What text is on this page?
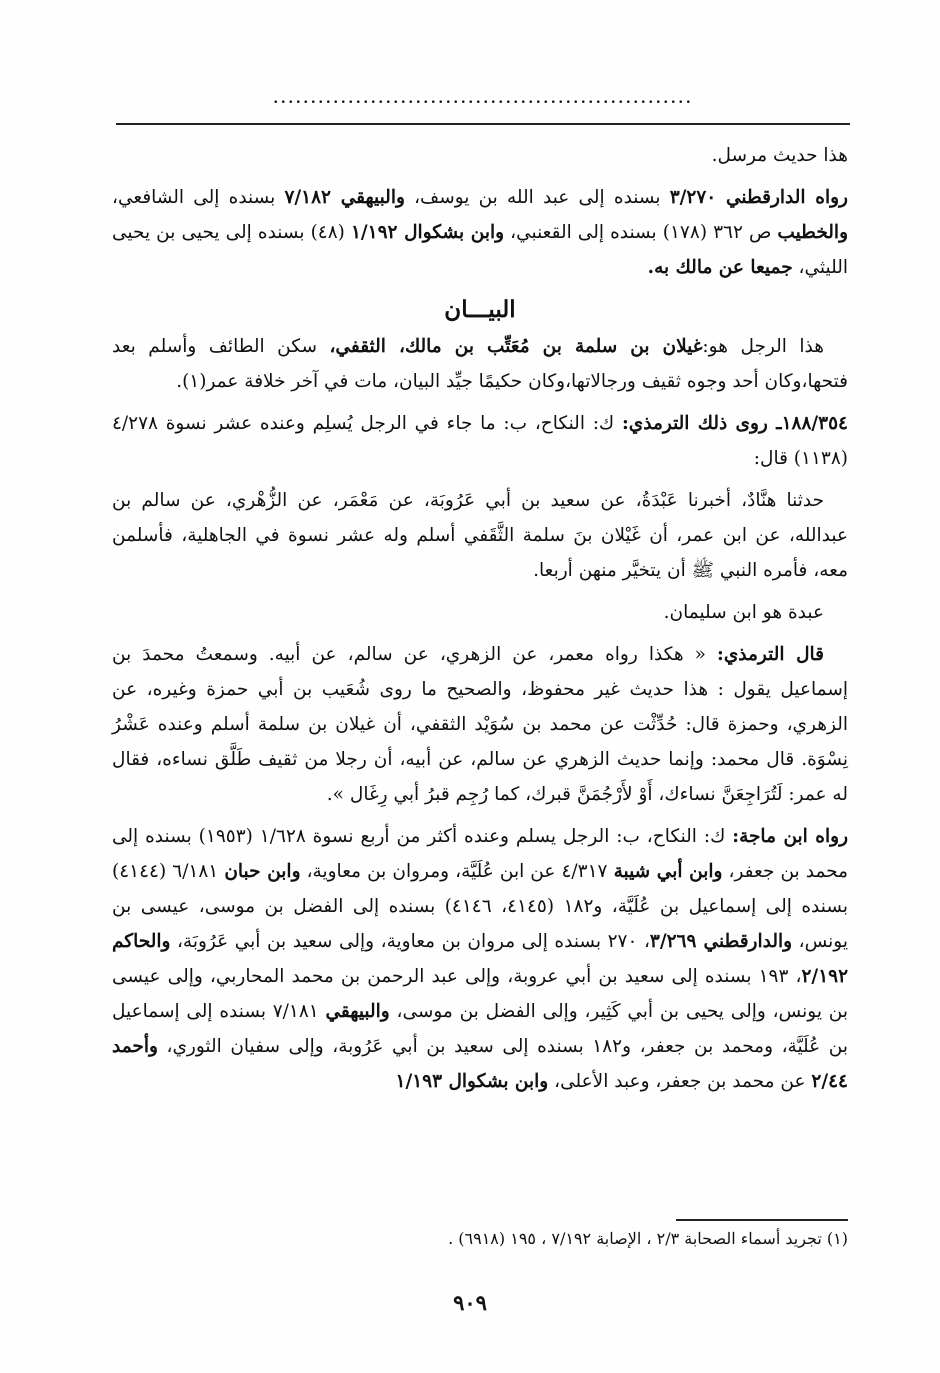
........................................................

هذا حديث مرسل.

رواه الدارقطني ٣/٢٧٠ بسنده إلى عبد الله بن يوسف، والبيهقي ٧/١٨٢ بسنده إلى الشافعي، والخطيب ص ٣٦٢ (١٧٨) بسنده إلى القعنبي، وابن بشكوال ١/١٩٢ (٤٨) بسنده إلى يحيى بن يحيى الليثي، جميعا عن مالك به.

البيـــان

هذا الرجل هو:غيلان بن سلمة بن مُعَتِّب بن مالك، الثقفي، سكن الطائف وأسلم بعد فتحها،وكان أحد وجوه ثقيف ورجالاتها،وكان حكيمًا جيِّد البيان، مات في آخر خلافة عمر(١).

١٨٨/٣٥٤ـ روى ذلك الترمذي: ك: النكاح، ب: ما جاء في الرجل يُسلِم وعنده عشر نسوة ٤/٢٧٨ (١١٣٨) قال:

حدثنا هنَّادٌ، أخبرنا عَبْدَةُ، عن سعيد بن أبي عَرُوبَة، عن مَعْمَر، عن الزُّهْري، عن سالم بن عبدالله، عن ابن عمر، أن غَيْلان بنَ سلمة الثَّقَفي أسلم وله عشر نسوة في الجاهلية، فأسلمن معه، فأمره النبي ﷺ أن يتخيَّر منهن أربعا.

عبدة هو ابن سليمان.

قال الترمذي: « هكذا رواه معمر، عن الزهري، عن سالم، عن أبيه. وسمعتُ محمدَ بن إسماعيل يقول : هذا حديث غير محفوظ، والصحيح ما روى شُعَيب بن أبي حمزة وغيره، عن الزهري، وحمزة قال: حُدِّثْت عن محمد بن سُوَيْد الثقفي، أن غيلان بن سلمة أسلم وعنده عَشْرُ نِسْوَة. قال محمد: وإنما حديث الزهري عن سالم، عن أبيه، أن رجلا من ثقيف طَلَّق نساءه، فقال له عمر: لَتُرَاجِعَنَّ نساءك، أَوْ لأَرْجُمَنَّ قبرك، كما رُجِم قبرُ أبي رِغَال ».

رواه ابن ماجة: ك: النكاح، ب: الرجل يسلم وعنده أكثر من أربع نسوة ١/٦٢٨ (١٩٥٣) بسنده إلى محمد بن جعفر، وابن أبي شيبة ٤/٣١٧ عن ابن عُلَيَّة، ومروان بن معاوية، وابن حبان ٦/١٨١ (٤١٤٤) بسنده إلى إسماعيل بن عُلَيَّة، و١٨٢ (٤١٤٥، ٤١٤٦) بسنده إلى الفضل بن موسى، عيسى بن يونس، والدارقطني ٣/٢٦٩، ٢٧٠ بسنده إلى مروان بن معاوية، وإلى سعيد بن أبي عَرُوبَة، والحاكم ٢/١٩٢، ١٩٣ بسنده إلى سعيد بن أبي عروبة، وإلى عبد الرحمن بن محمد المحاربي، وإلى عيسى بن يونس، وإلى يحيى بن أبي كَثِير، وإلى الفضل بن موسى، والبيهقي ٧/١٨١ بسنده إلى إسماعيل بن عُلَيَّة، ومحمد بن جعفر، و١٨٢ بسنده إلى سعيد بن أبي عَرُوبة، وإلى سفيان الثوري، وأحمد ٢/٤٤ عن محمد بن جعفر، وعبد الأعلى، وابن بشكوال ١/١٩٣

(١) تجريد أسماء الصحابة ٢/٣ ، الإصابة ٧/١٩٢ ، ١٩٥ (٦٩١٨) .
٩٠٩
